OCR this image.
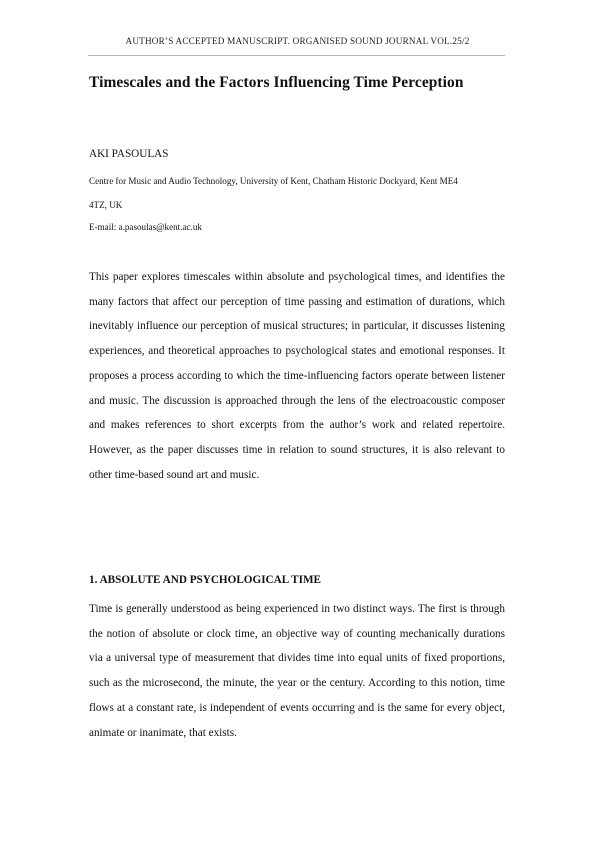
AUTHOR’S ACCEPTED MANUSCRIPT. ORGANISED SOUND JOURNAL VOL.25/2
Timescales and the Factors Influencing Time Perception
AKI PASOULAS
Centre for Music and Audio Technology, University of Kent, Chatham Historic Dockyard, Kent ME4
4TZ, UK
E-mail: a.pasoulas@kent.ac.uk

This paper explores timescales within absolute and psychological times, and identifies the many factors that affect our perception of time passing and estimation of durations, which inevitably influence our perception of musical structures; in particular, it discusses listening experiences, and theoretical approaches to psychological states and emotional responses. It proposes a process according to which the time-influencing factors operate between listener and music. The discussion is approached through the lens of the electroacoustic composer and makes references to short excerpts from the author’s work and related repertoire. However, as the paper discusses time in relation to sound structures, it is also relevant to other time-based sound art and music.

1. ABSOLUTE AND PSYCHOLOGICAL TIME

Time is generally understood as being experienced in two distinct ways. The first is through the notion of absolute or clock time, an objective way of counting mechanically durations via a universal type of measurement that divides time into equal units of fixed proportions, such as the microsecond, the minute, the year or the century. According to this notion, time flows at a constant rate, is independent of events occurring and is the same for every object, animate or inanimate, that exists.
